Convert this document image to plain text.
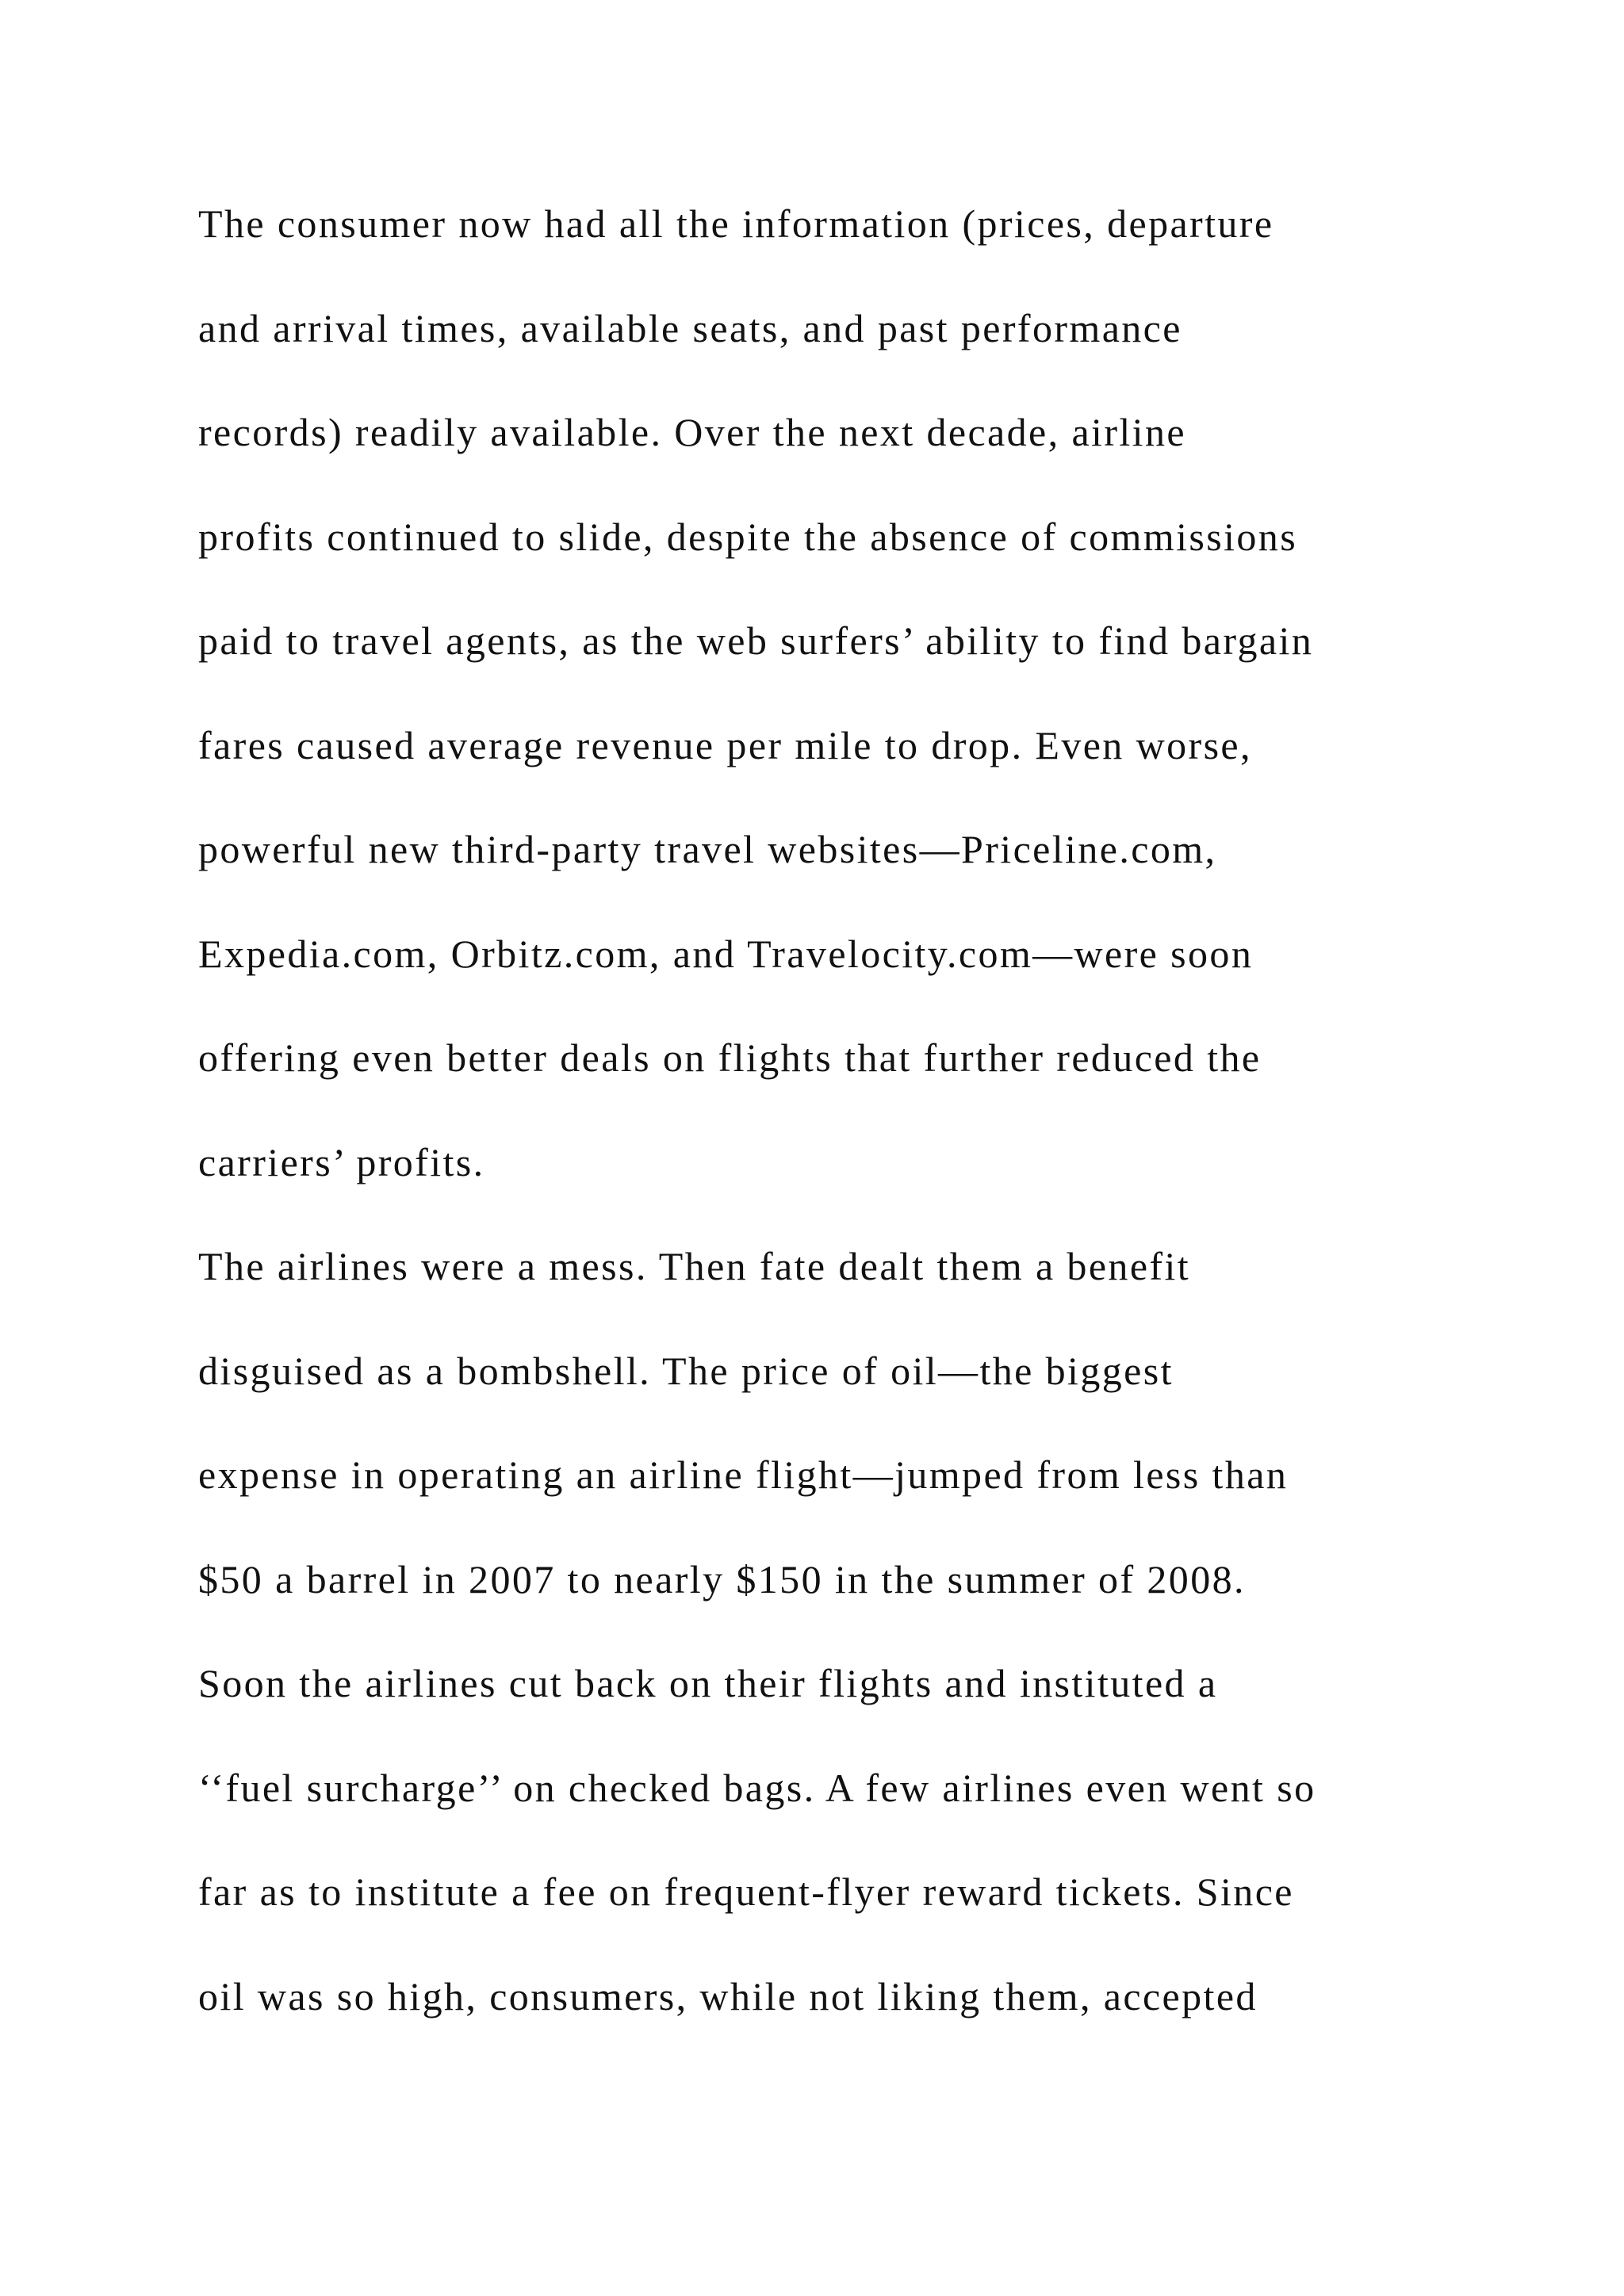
The consumer now had all the information (prices, departure
and arrival times, available seats, and past performance
records) readily available. Over the next decade, airline
profits continued to slide, despite the absence of commissions
paid to travel agents, as the web surfers’ ability to find bargain
fares caused average revenue per mile to drop. Even worse,
powerful new third-party travel websites—Priceline.com,
Expedia.com, Orbitz.com, and Travelocity.com—were soon
offering even better deals on flights that further reduced the
carriers’ profits.
The airlines were a mess. Then fate dealt them a benefit
disguised as a bombshell. The price of oil—the biggest
expense in operating an airline flight—jumped from less than
$50 a barrel in 2007 to nearly $150 in the summer of 2008.
Soon the airlines cut back on their flights and instituted a
‘‘fuel surcharge’’ on checked bags. A few airlines even went so
far as to institute a fee on frequent-flyer reward tickets. Since
oil was so high, consumers, while not liking them, accepted
